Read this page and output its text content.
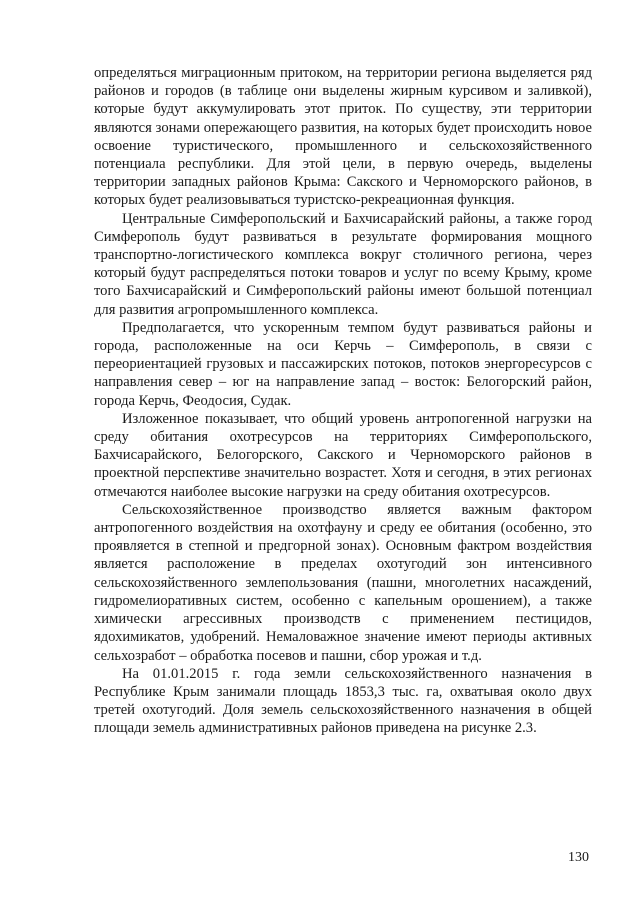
определяться миграционным притоком, на территории региона выделяется ряд районов и городов (в таблице они выделены жирным курсивом и заливкой), которые будут аккумулировать этот приток. По существу, эти территории являются зонами опережающего развития, на которых будет происходить новое освоение туристического, промышленного и сельскохозяйственного потенциала республики. Для этой цели, в первую очередь, выделены территории западных районов Крыма: Сакского и Черноморского районов, в которых будет реализовываться туристско-рекреационная функция.

Центральные Симферопольский и Бахчисарайский районы, а также город Симферополь будут развиваться в результате формирования мощного транспортно-логистического комплекса вокруг столичного региона, через который будут распределяться потоки товаров и услуг по всему Крыму, кроме того Бахчисарайский и Симферопольский районы имеют большой потенциал для развития агропромышленного комплекса.

Предполагается, что ускоренным темпом будут развиваться районы и города, расположенные на оси Керчь – Симферополь, в связи с переориентацией грузовых и пассажирских потоков, потоков энергоресурсов с направления север – юг на направление запад – восток: Белогорский район, города Керчь, Феодосия, Судак.

Изложенное показывает, что общий уровень антропогенной нагрузки на среду обитания охотресурсов на территориях Симферопольского, Бахчисарайского, Белогорского, Сакского и Черноморского районов в проектной перспективе значительно возрастет. Хотя и сегодня, в этих регионах отмечаются наиболее высокие нагрузки на среду обитания охотресурсов.

Сельскохозяйственное производство является важным фактором антропогенного воздействия на охотфауну и среду ее обитания (особенно, это проявляется в степной и предгорной зонах). Основным фактром воздействия является расположение в пределах охотугодий зон интенсивного сельскохозяйственного землепользования (пашни, многолетних насаждений, гидромелиоративных систем, особенно с капельным орошением), а также химически агрессивных производств с применением пестицидов, ядохимикатов, удобрений. Немаловажное значение имеют периоды активных сельхозработ – обработка посевов и пашни, сбор урожая и т.д.

На 01.01.2015 г. года земли сельскохозяйственного назначения в Республике Крым занимали площадь 1853,3 тыс. га, охватывая около двух третей охотугодий. Доля земель сельскохозяйственного назначения в общей площади земель административных районов приведена на рисунке 2.3.

130
